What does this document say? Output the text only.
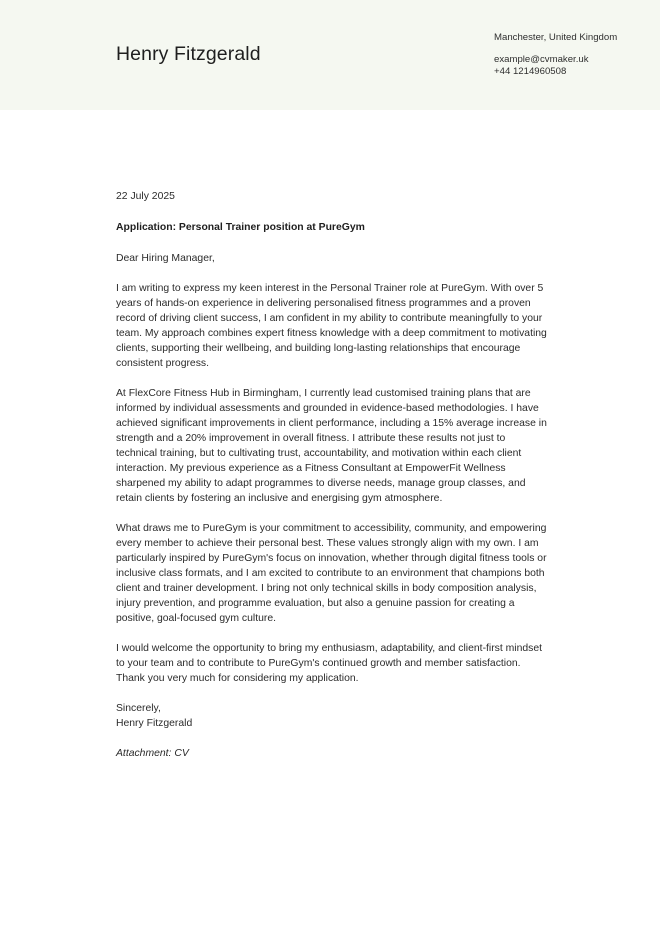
Henry Fitzgerald
Manchester, United Kingdom
example@cvmaker.uk
+44 1214960508

22 July 2025

Application: Personal Trainer position at PureGym

Dear Hiring Manager,

I am writing to express my keen interest in the Personal Trainer role at PureGym. With over 5 years of hands-on experience in delivering personalised fitness programmes and a proven record of driving client success, I am confident in my ability to contribute meaningfully to your team. My approach combines expert fitness knowledge with a deep commitment to motivating clients, supporting their wellbeing, and building long-lasting relationships that encourage consistent progress.

At FlexCore Fitness Hub in Birmingham, I currently lead customised training plans that are informed by individual assessments and grounded in evidence-based methodologies. I have achieved significant improvements in client performance, including a 15% average increase in strength and a 20% improvement in overall fitness. I attribute these results not just to technical training, but to cultivating trust, accountability, and motivation within each client interaction. My previous experience as a Fitness Consultant at EmpowerFit Wellness sharpened my ability to adapt programmes to diverse needs, manage group classes, and retain clients by fostering an inclusive and energising gym atmosphere.

What draws me to PureGym is your commitment to accessibility, community, and empowering every member to achieve their personal best. These values strongly align with my own. I am particularly inspired by PureGym's focus on innovation, whether through digital fitness tools or inclusive class formats, and I am excited to contribute to an environment that champions both client and trainer development. I bring not only technical skills in body composition analysis, injury prevention, and programme evaluation, but also a genuine passion for creating a positive, goal-focused gym culture.

I would welcome the opportunity to bring my enthusiasm, adaptability, and client-first mindset to your team and to contribute to PureGym's continued growth and member satisfaction. Thank you very much for considering my application.

Sincerely,

Henry Fitzgerald

Attachment: CV
